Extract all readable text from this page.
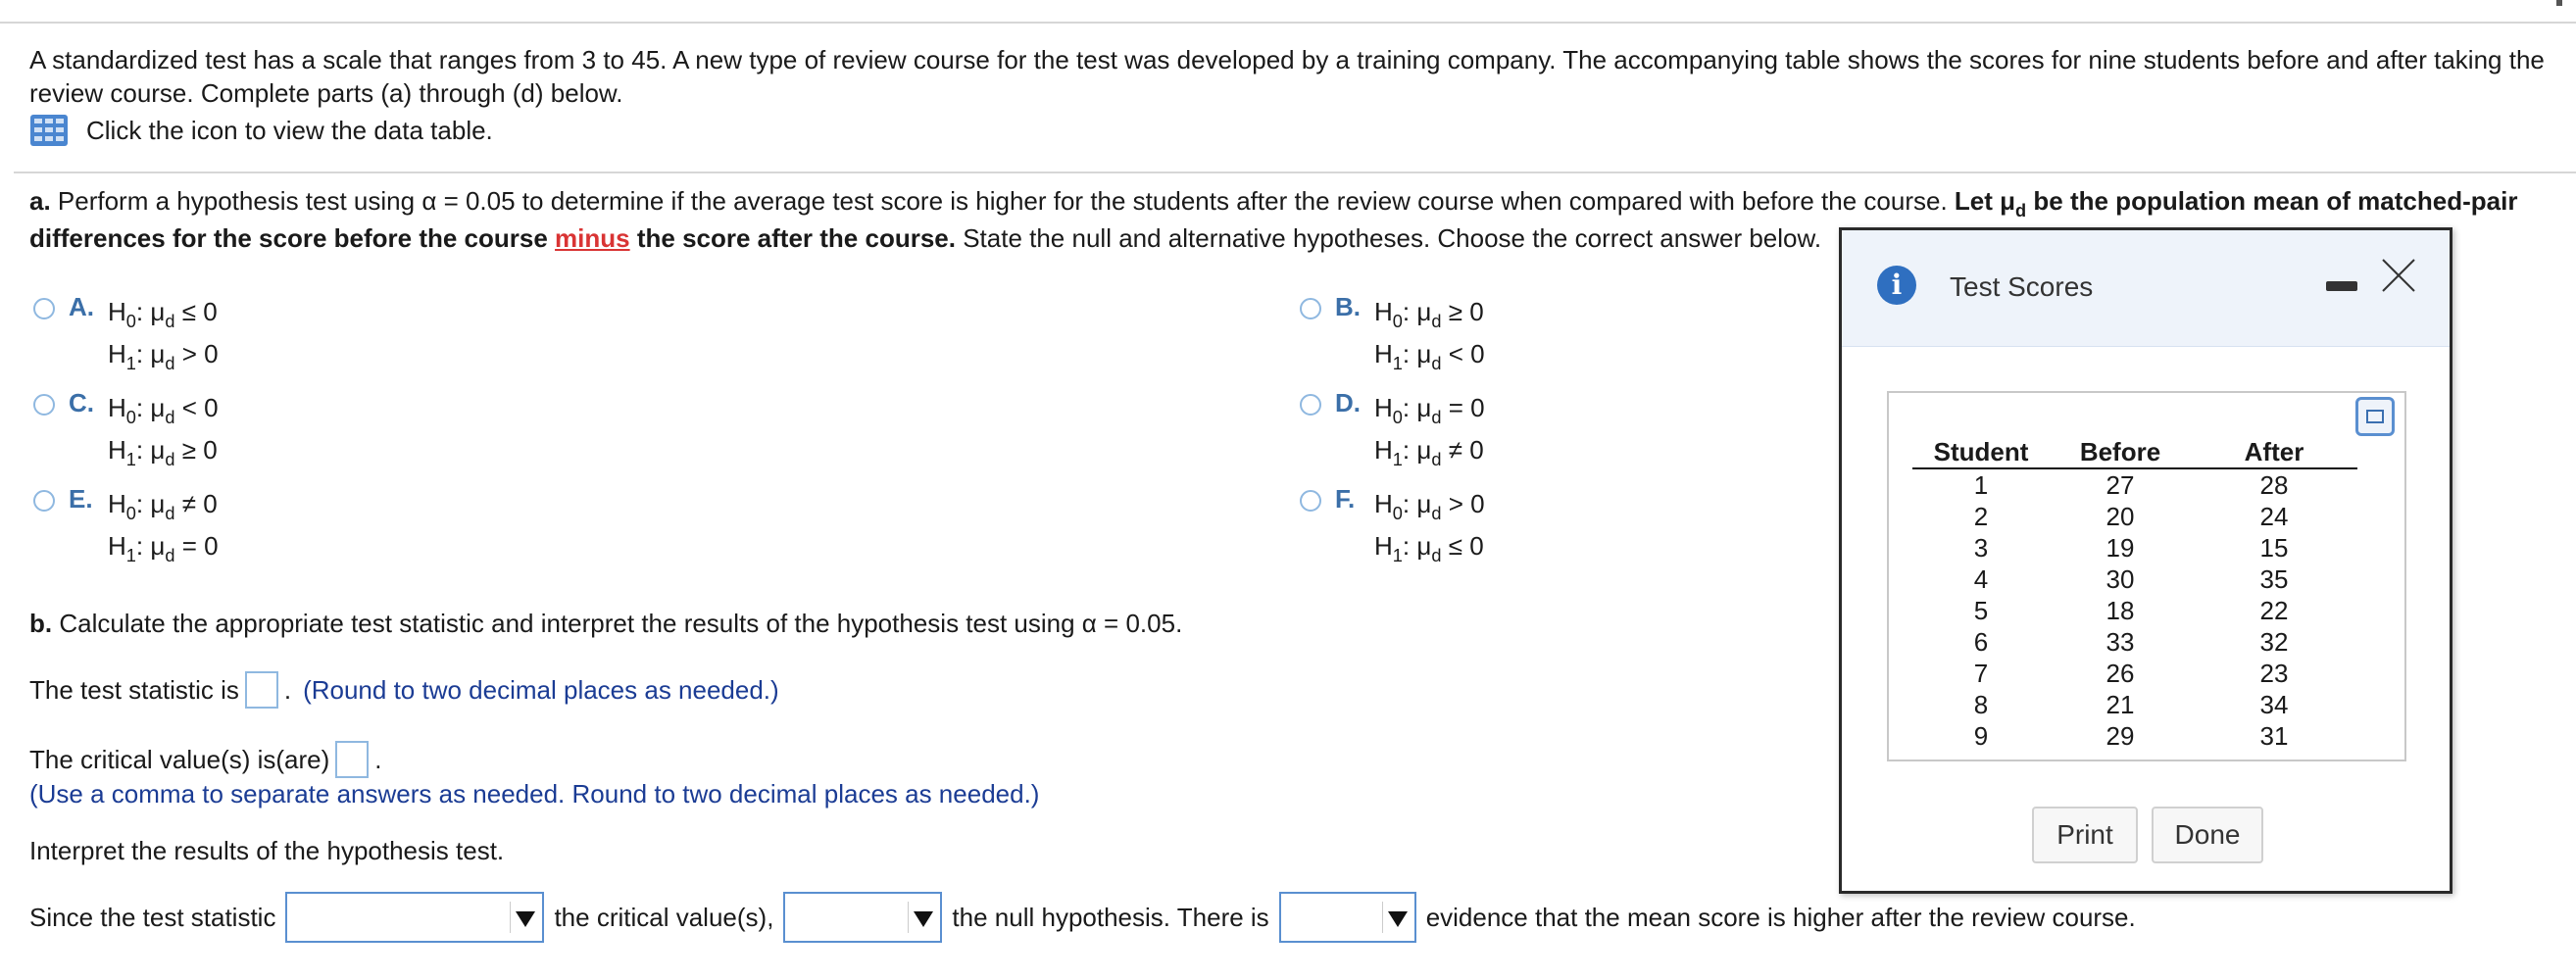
A standardized test has a scale that ranges from 3 to 45. A new type of review course for the test was developed by a training company. The accompanying table shows the scores for nine students before and after taking the review course. Complete parts (a) through (d) below.
Click the icon to view the data table.
a. Perform a hypothesis test using α = 0.05 to determine if the average test score is higher for the students after the review course when compared with before the course. Let $\mu_d$ be the population mean of matched-pair differences for the score before the course minus the score after the course. State the null and alternative hypotheses. Choose the correct answer below.
A. $H_0$: $\mu_d \le 0$
$H_1$: $\mu_d > 0$
B. $H_0$: $\mu_d \ge 0$
$H_1$: $\mu_d < 0$
C. $H_0$: $\mu_d < 0$
$H_1$: $\mu_d \ge 0$
D. $H_0$: $\mu_d = 0$
$H_1$: $\mu_d \ne 0$
E. $H_0$: $\mu_d \ne 0$
$H_1$: $\mu_d = 0$
F. $H_0$: $\mu_d > 0$
$H_1$: $\mu_d \le 0$
b. Calculate the appropriate test statistic and interpret the results of the hypothesis test using α = 0.05.
The test statistic is . (Round to two decimal places as needed.)
The critical value(s) is(are) .
(Use a comma to separate answers as needed. Round to two decimal places as needed.)
Interpret the results of the hypothesis test.
Since the test statistic	the critical value(s),	the null hypothesis. There is	evidence that the mean score is higher after the review course.
i	Test Scores
Student	Before	After
1	27	28
2	20	24
3	19	15
4	30	35
5	18	22
6	33	32
7	26	23
8	21	34
9	29	31
Print	Done
